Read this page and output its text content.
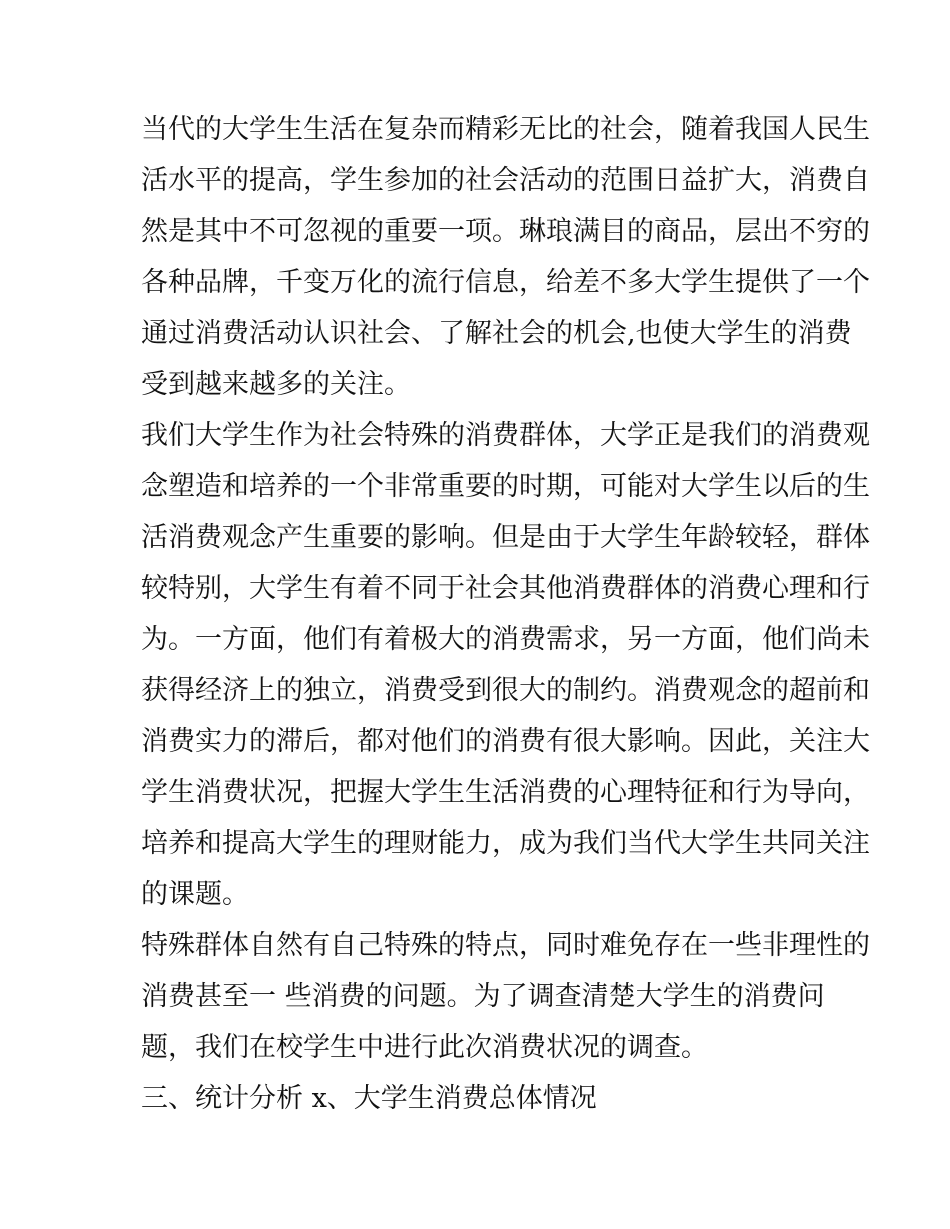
当代的大学生生活在复杂而精彩无比的社会，随着我国人民生
活水平的提高，学生参加的社会活动的范围日益扩大，消费自
然是其中不可忽视的重要一项。琳琅满目的商品，层出不穷的
各种品牌，千变万化的流行信息，给差不多大学生提供了一个
通过消费活动认识社会、了解社会的机会,也使大学生的消费
受到越来越多的关注。
我们大学生作为社会特殊的消费群体，大学正是我们的消费观
念塑造和培养的一个非常重要的时期，可能对大学生以后的生
活消费观念产生重要的影响。但是由于大学生年龄较轻，群体
较特别，大学生有着不同于社会其他消费群体的消费心理和行
为。一方面，他们有着极大的消费需求，另一方面，他们尚未
获得经济上的独立，消费受到很大的制约。消费观念的超前和
消费实力的滞后，都对他们的消费有很大影响。因此，关注大
学生消费状况，把握大学生生活消费的心理特征和行为导向，
培养和提高大学生的理财能力，成为我们当代大学生共同关注
的课题。
特殊群体自然有自己特殊的特点，同时难免存在一些非理性的
消费甚至一 些消费的问题。为了调查清楚大学生的消费问
题，我们在校学生中进行此次消费状况的调查。
三、统计分析 x、大学生消费总体情况
